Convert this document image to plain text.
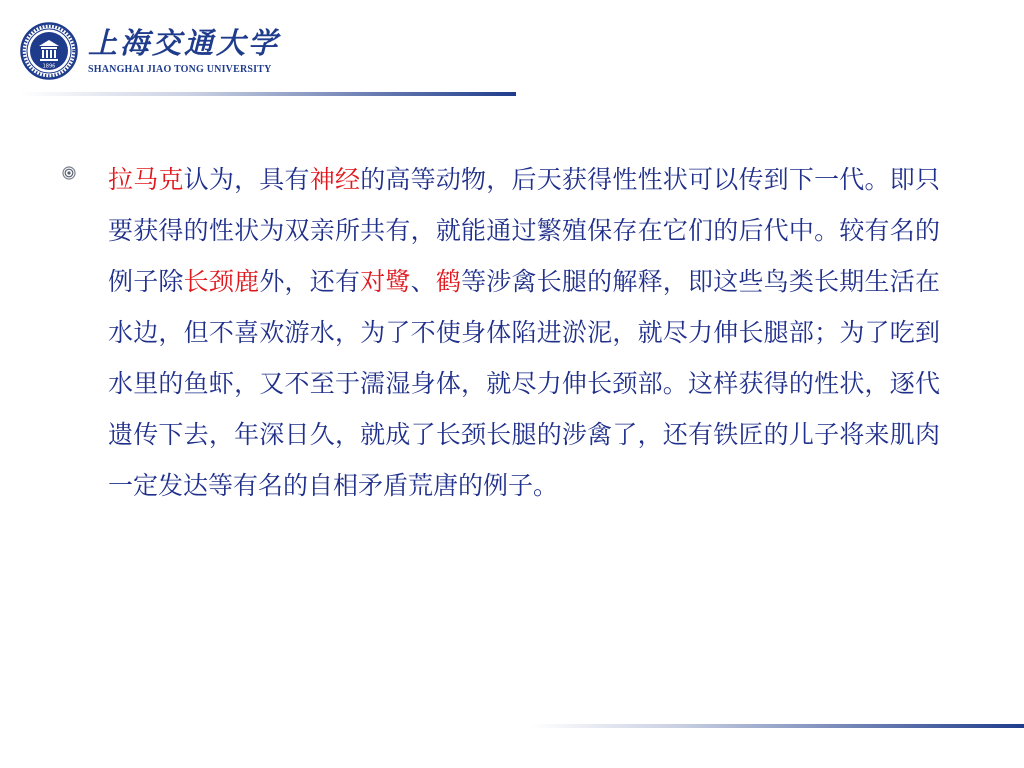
1896
上海交通大学
SHANGHAI JIAO TONG UNIVERSITY
拉马克认为，具有神经的高等动物，后天获得性性状可以传到下一代。即只要获得的性状为双亲所共有，就能通过繁殖保存在它们的后代中。较有名的例子除长颈鹿外，还有对鹭、鹤等涉禽长腿的解释，即这些鸟类长期生活在水边，但不喜欢游水，为了不使身体陷进淤泥，就尽力伸长腿部；为了吃到水里的鱼虾，又不至于濡湿身体，就尽力伸长颈部。这样获得的性状，逐代遗传下去，年深日久，就成了长颈长腿的涉禽了，还有铁匠的儿子将来肌肉一定发达等有名的自相矛盾荒唐的例子。
